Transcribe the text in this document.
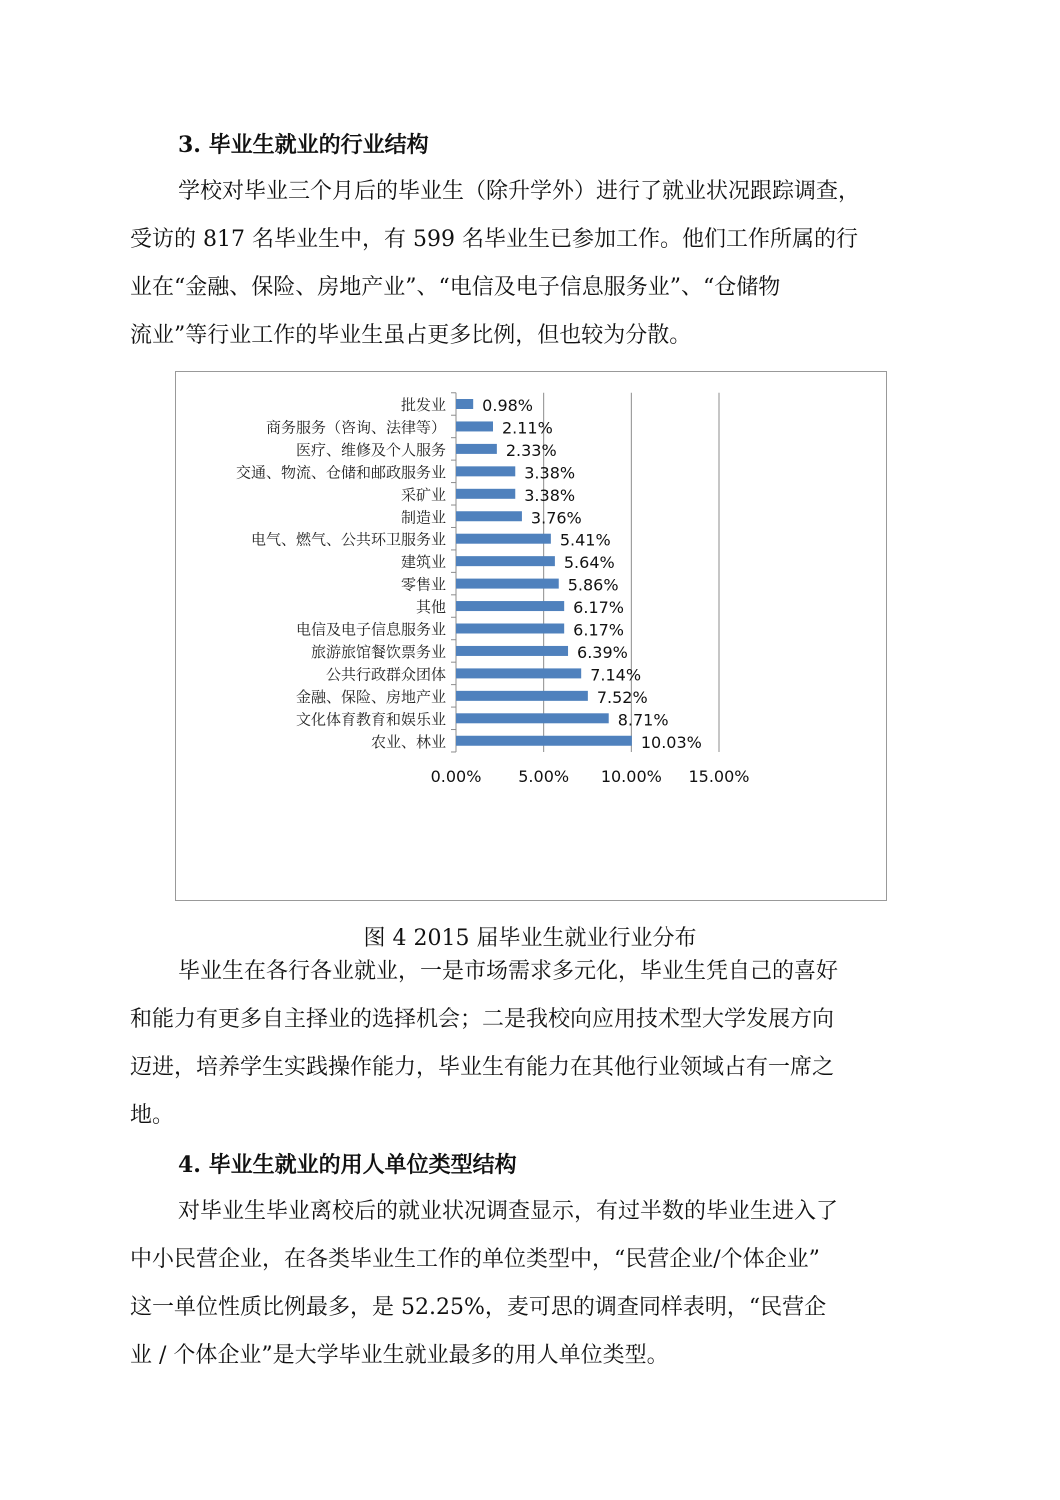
3. 毕业生就业的行业结构

学校对毕业三个月后的毕业生（除升学外）进行了就业状况跟踪调查，
受访的 817 名毕业生中，有 599 名毕业生已参加工作。他们工作所属的行
业在“金融、保险、房地产业”、“电信及电子信息服务业”、“仓储物
流业”等行业工作的毕业生虽占更多比例，但也较为分散。

批发业 0.98%
商务服务（咨询、法律等）	2.11%
医疗、维修及个人服务	2.33%
交通、物流、仓储和邮政服务业	3.38%
采矿业	3.38%
制造业	3.76%
电气、燃气、公共环卫服务业	5.41%
建筑业	5.64%
零售业	5.86%
其他	6.17%
电信及电子信息服务业	6.17%
旅游旅馆餐饮票务业	6.39%
公共行政群众团体	7.14%
金融、保险、房地产业	7.52%
文化体育教育和娱乐业	8.71%
农业、林业	10.03%
0.00% 5.00% 10.00% 15.00%

图 4 2015 届毕业生就业行业分布

毕业生在各行各业就业，一是市场需求多元化，毕业生凭自己的喜好
和能力有更多自主择业的选择机会；二是我校向应用技术型大学发展方向
迈进，培养学生实践操作能力，毕业生有能力在其他行业领域占有一席之
地。

4. 毕业生就业的用人单位类型结构

对毕业生毕业离校后的就业状况调查显示，有过半数的毕业生进入了
中小民营企业，在各类毕业生工作的单位类型中，“民营企业/个体企业”
这一单位性质比例最多，是 52.25%，麦可思的调查同样表明，“民营企
业 / 个体企业”是大学毕业生就业最多的用人单位类型。
